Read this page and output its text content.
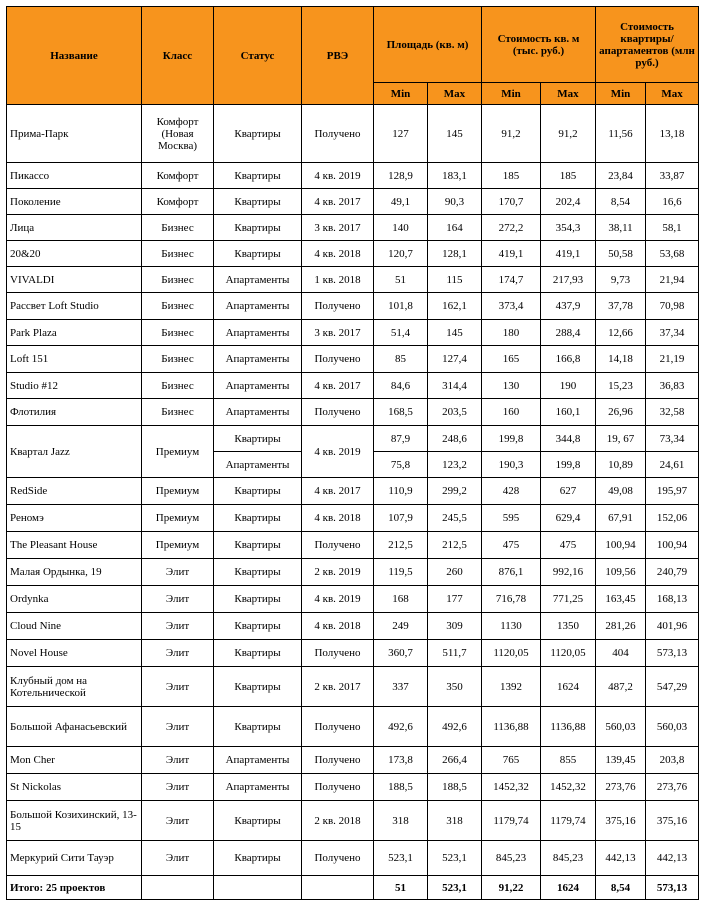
Название	Класс	Статус	РВЭ	Площадь (кв. м)		Стоимость кв. м (тыс. руб.)		Стоимость квартиры/ апартаментов (млн руб.)	
				Min	Max	Min	Max	Min	Max
Прима-Парк	Комфорт (Новая Москва)	Квартиры	Получено	127	145	91,2	91,2	11,56	13,18
Пикассо	Комфорт	Квартиры	4 кв. 2019	128,9	183,1	185	185	23,84	33,87
Поколение	Комфорт	Квартиры	4 кв. 2017	49,1	90,3	170,7	202,4	8,54	16,6
Лица	Бизнес	Квартиры	3 кв. 2017	140	164	272,2	354,3	38,11	58,1
20&20	Бизнес	Квартиры	4 кв. 2018	120,7	128,1	419,1	419,1	50,58	53,68
VIVALDI	Бизнес	Апартаменты	1 кв. 2018	51	115	174,7	217,93	9,73	21,94
Рассвет Loft Studio	Бизнес	Апартаменты	Получено	101,8	162,1	373,4	437,9	37,78	70,98
Park Plaza	Бизнес	Апартаменты	3 кв. 2017	51,4	145	180	288,4	12,66	37,34
Loft 151	Бизнес	Апартаменты	Получено	85	127,4	165	166,8	14,18	21,19
Studio #12	Бизнес	Апартаменты	4 кв. 2017	84,6	314,4	130	190	15,23	36,83
Флотилия	Бизнес	Апартаменты	Получено	168,5	203,5	160	160,1	26,96	32,58
Квартал Jazz	Премиум	Квартиры	4 кв. 2019	87,9	248,6	199,8	344,8	19, 67	73,34
		Апартаменты		75,8	123,2	190,3	199,8	10,89	24,61
RedSide	Премиум	Квартиры	4 кв. 2017	110,9	299,2	428	627	49,08	195,97
Реномэ	Премиум	Квартиры	4 кв. 2018	107,9	245,5	595	629,4	67,91	152,06
The Pleasant House	Премиум	Квартиры	Получено	212,5	212,5	475	475	100,94	100,94
Малая Ордынка, 19	Элит	Квартиры	2 кв. 2019	119,5	260	876,1	992,16	109,56	240,79
Ordynka	Элит	Квартиры	4 кв. 2019	168	177	716,78	771,25	163,45	168,13
Cloud Nine	Элит	Квартиры	4 кв. 2018	249	309	1130	1350	281,26	401,96
Novel House	Элит	Квартиры	Получено	360,7	511,7	1120,05	1120,05	404	573,13
Клубный дом на Котельнической	Элит	Квартиры	2 кв. 2017	337	350	1392	1624	487,2	547,29
Большой Афанасьевский	Элит	Квартиры	Получено	492,6	492,6	1136,88	1136,88	560,03	560,03
Mon Cher	Элит	Апартаменты	Получено	173,8	266,4	765	855	139,45	203,8
St Nickolas	Элит	Апартаменты	Получено	188,5	188,5	1452,32	1452,32	273,76	273,76
Большой Козихинский, 13-15	Элит	Квартиры	2 кв. 2018	318	318	1179,74	1179,74	375,16	375,16
Меркурий Сити Тауэр	Элит	Квартиры	Получено	523,1	523,1	845,23	845,23	442,13	442,13
Итого: 25 проектов				51	523,1	91,22	1624	8,54	573,13
